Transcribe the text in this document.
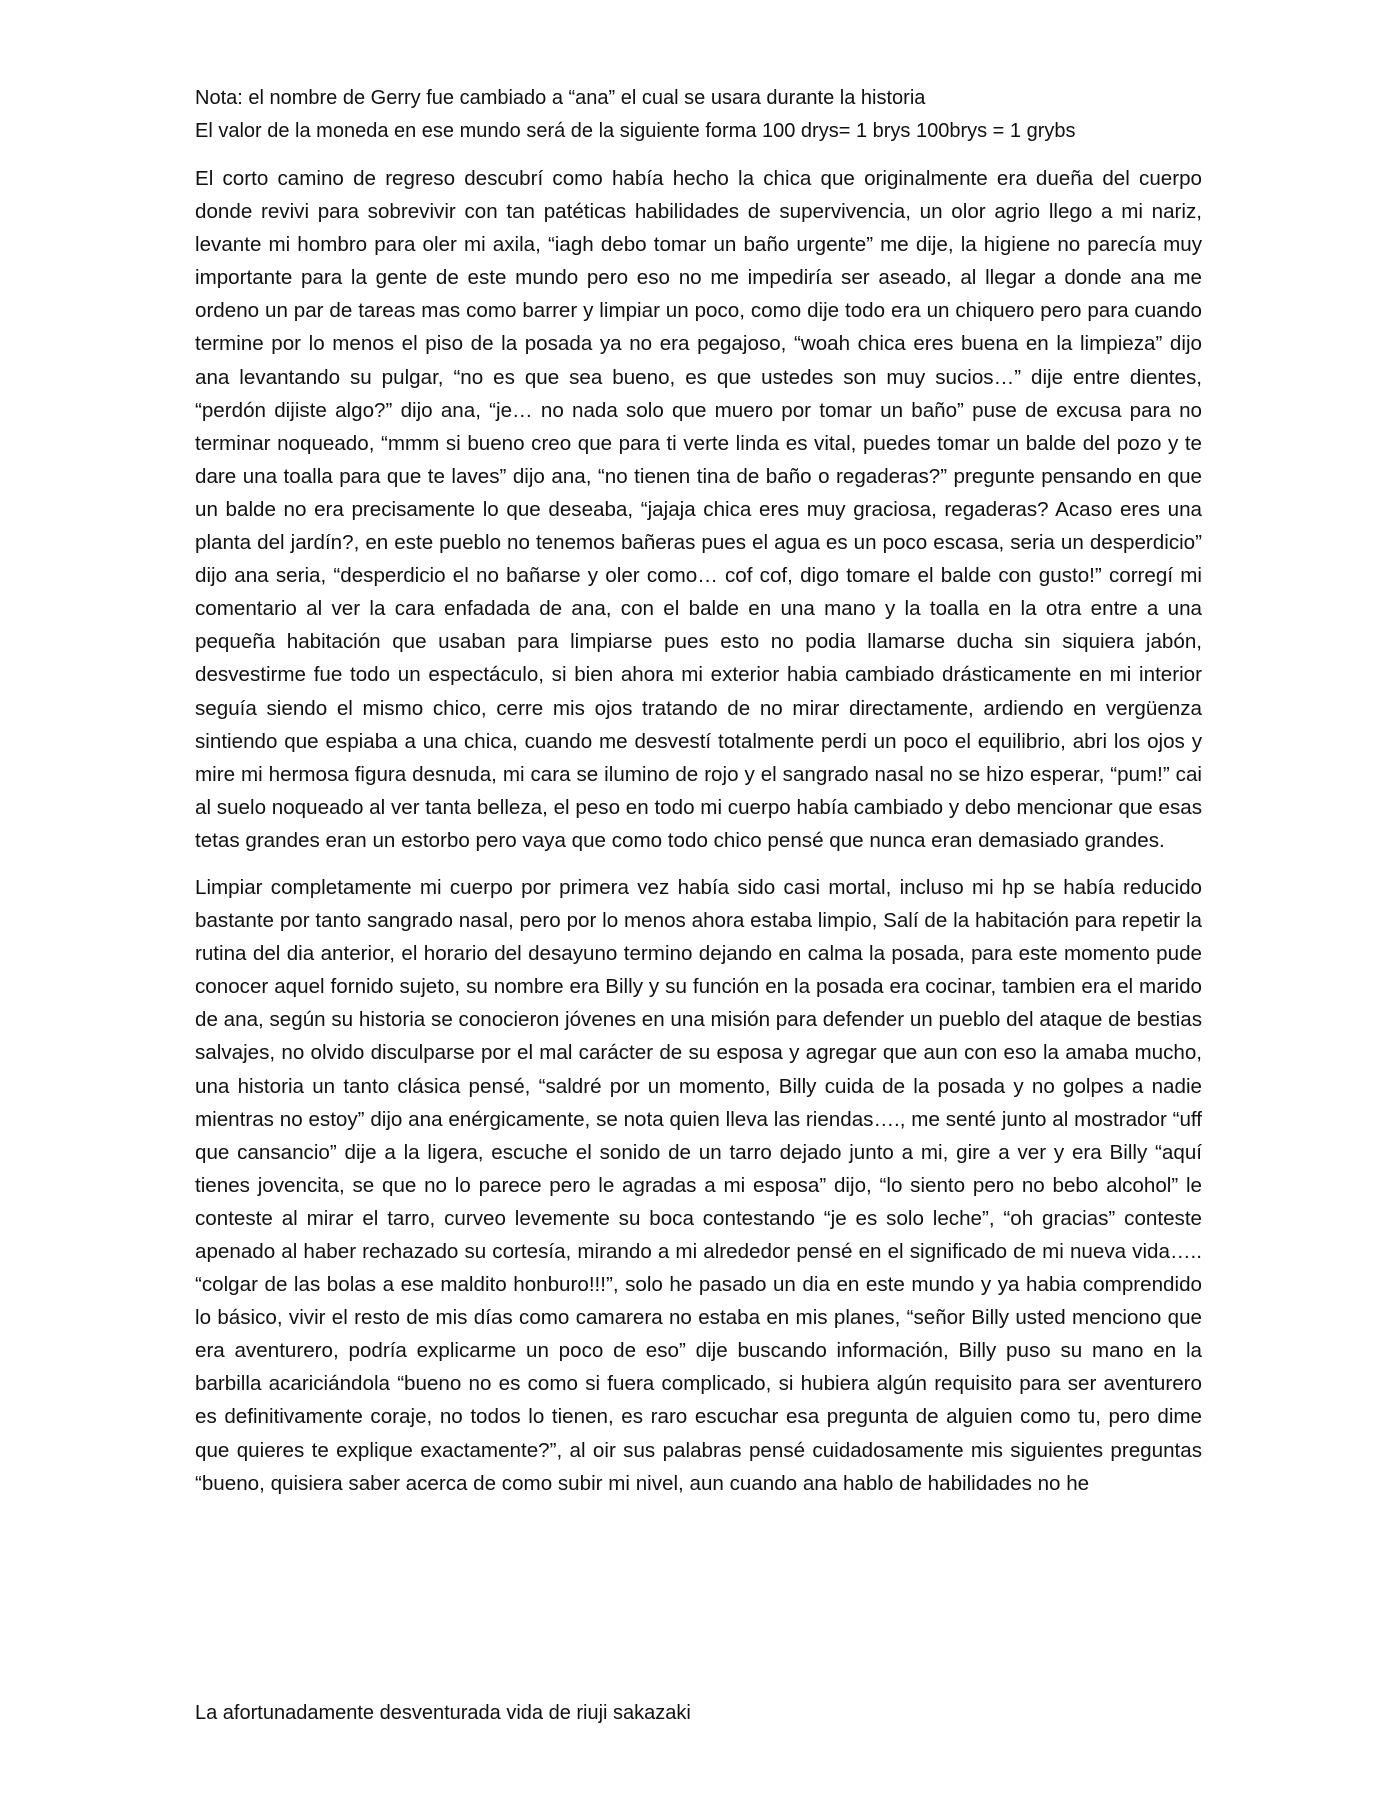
Nota: el nombre de Gerry fue cambiado a “ana” el cual se usara durante la historia

El valor de la moneda en ese mundo será de la siguiente forma 100 drys= 1 brys 100brys = 1 grybs

El corto camino de regreso descubrí como había hecho la chica que originalmente era dueña del cuerpo donde revivi para sobrevivir con tan patéticas habilidades de supervivencia, un olor agrio llego a mi nariz, levante mi hombro para oler mi axila, “iagh debo tomar un baño urgente” me dije, la higiene no parecía muy importante para la gente de este mundo pero eso no me impediría ser aseado, al llegar a donde ana me ordeno un par de tareas mas como barrer y limpiar un poco, como dije todo era un chiquero pero para cuando termine por lo menos el piso de la posada ya no era pegajoso, “woah chica eres buena en la limpieza” dijo ana levantando su pulgar, “no es que sea bueno, es que ustedes son muy sucios…” dije entre dientes, “perdón dijiste algo?” dijo ana, “je… no nada solo que muero por tomar un baño” puse de excusa para no terminar noqueado, “mmm si bueno creo que para ti verte linda es vital, puedes tomar un balde del pozo y te dare una toalla para que te laves” dijo ana, “no tienen tina de baño o regaderas?” pregunte pensando en que un balde no era precisamente lo que deseaba, “jajaja chica eres muy graciosa, regaderas? Acaso eres una planta del jardín?, en este pueblo no tenemos bañeras pues el agua es un poco escasa, seria un desperdicio” dijo ana seria, “desperdicio el no bañarse y oler como… cof cof, digo tomare el balde con gusto!” corregí mi comentario al ver la cara enfadada de ana, con el balde en una mano y la toalla en la otra entre a una pequeña habitación que usaban para limpiarse pues esto no podia llamarse ducha sin siquiera jabón, desvestirme fue todo un espectáculo, si bien ahora mi exterior habia cambiado drásticamente en mi interior seguía siendo el mismo chico, cerre mis ojos tratando de no mirar directamente, ardiendo en vergüenza sintiendo que espiaba a una chica, cuando me desvestí totalmente perdi un poco el equilibrio, abri los ojos y mire mi hermosa figura desnuda, mi cara se ilumino de rojo y el sangrado nasal no se hizo esperar, “pum!” cai al suelo noqueado al ver tanta belleza, el peso en todo mi cuerpo había cambiado y debo mencionar que esas tetas grandes eran un estorbo pero vaya que como todo chico pensé que nunca eran demasiado grandes.

Limpiar completamente mi cuerpo por primera vez había sido casi mortal, incluso mi hp se había reducido bastante por tanto sangrado nasal, pero por lo menos ahora estaba limpio, Salí de la habitación para repetir la rutina del dia anterior, el horario del desayuno termino dejando en calma la posada, para este momento pude conocer aquel fornido sujeto, su nombre era Billy y su función en la posada era cocinar, tambien era el marido de ana, según su historia se conocieron jóvenes en una misión para defender un pueblo del ataque de bestias salvajes, no olvido disculparse por el mal carácter de su esposa y agregar que aun con eso la amaba mucho, una historia un tanto clásica pensé, “saldré por un momento, Billy cuida de la posada y no golpes a nadie mientras no estoy” dijo ana enérgicamente, se nota quien lleva las riendas…., me senté junto al mostrador “uff que cansancio” dije a la ligera, escuche el sonido de un tarro dejado junto a mi, gire a ver y era Billy “aquí tienes jovencita, se que no lo parece pero le agradas a mi esposa” dijo, “lo siento pero no bebo alcohol” le conteste al mirar el tarro, curveo levemente su boca contestando “je es solo leche”, “oh gracias” conteste apenado al haber rechazado su cortesía, mirando a mi alrededor pensé en el significado de mi nueva vida….. “colgar de las bolas a ese maldito honburo!!!”, solo he pasado un dia en este mundo y ya habia comprendido lo básico, vivir el resto de mis días como camarera no estaba en mis planes, “señor Billy usted menciono que era aventurero, podría explicarme un poco de eso” dije buscando información, Billy puso su mano en la barbilla acariciándola “bueno no es como si fuera complicado, si hubiera algún requisito para ser aventurero es definitivamente coraje, no todos lo tienen, es raro escuchar esa pregunta de alguien como tu, pero dime que quieres te explique exactamente?”, al oir sus palabras pensé cuidadosamente mis siguientes preguntas “bueno, quisiera saber acerca de como subir mi nivel, aun cuando ana hablo de habilidades no he

La afortunadamente desventurada vida de riuji sakazaki
